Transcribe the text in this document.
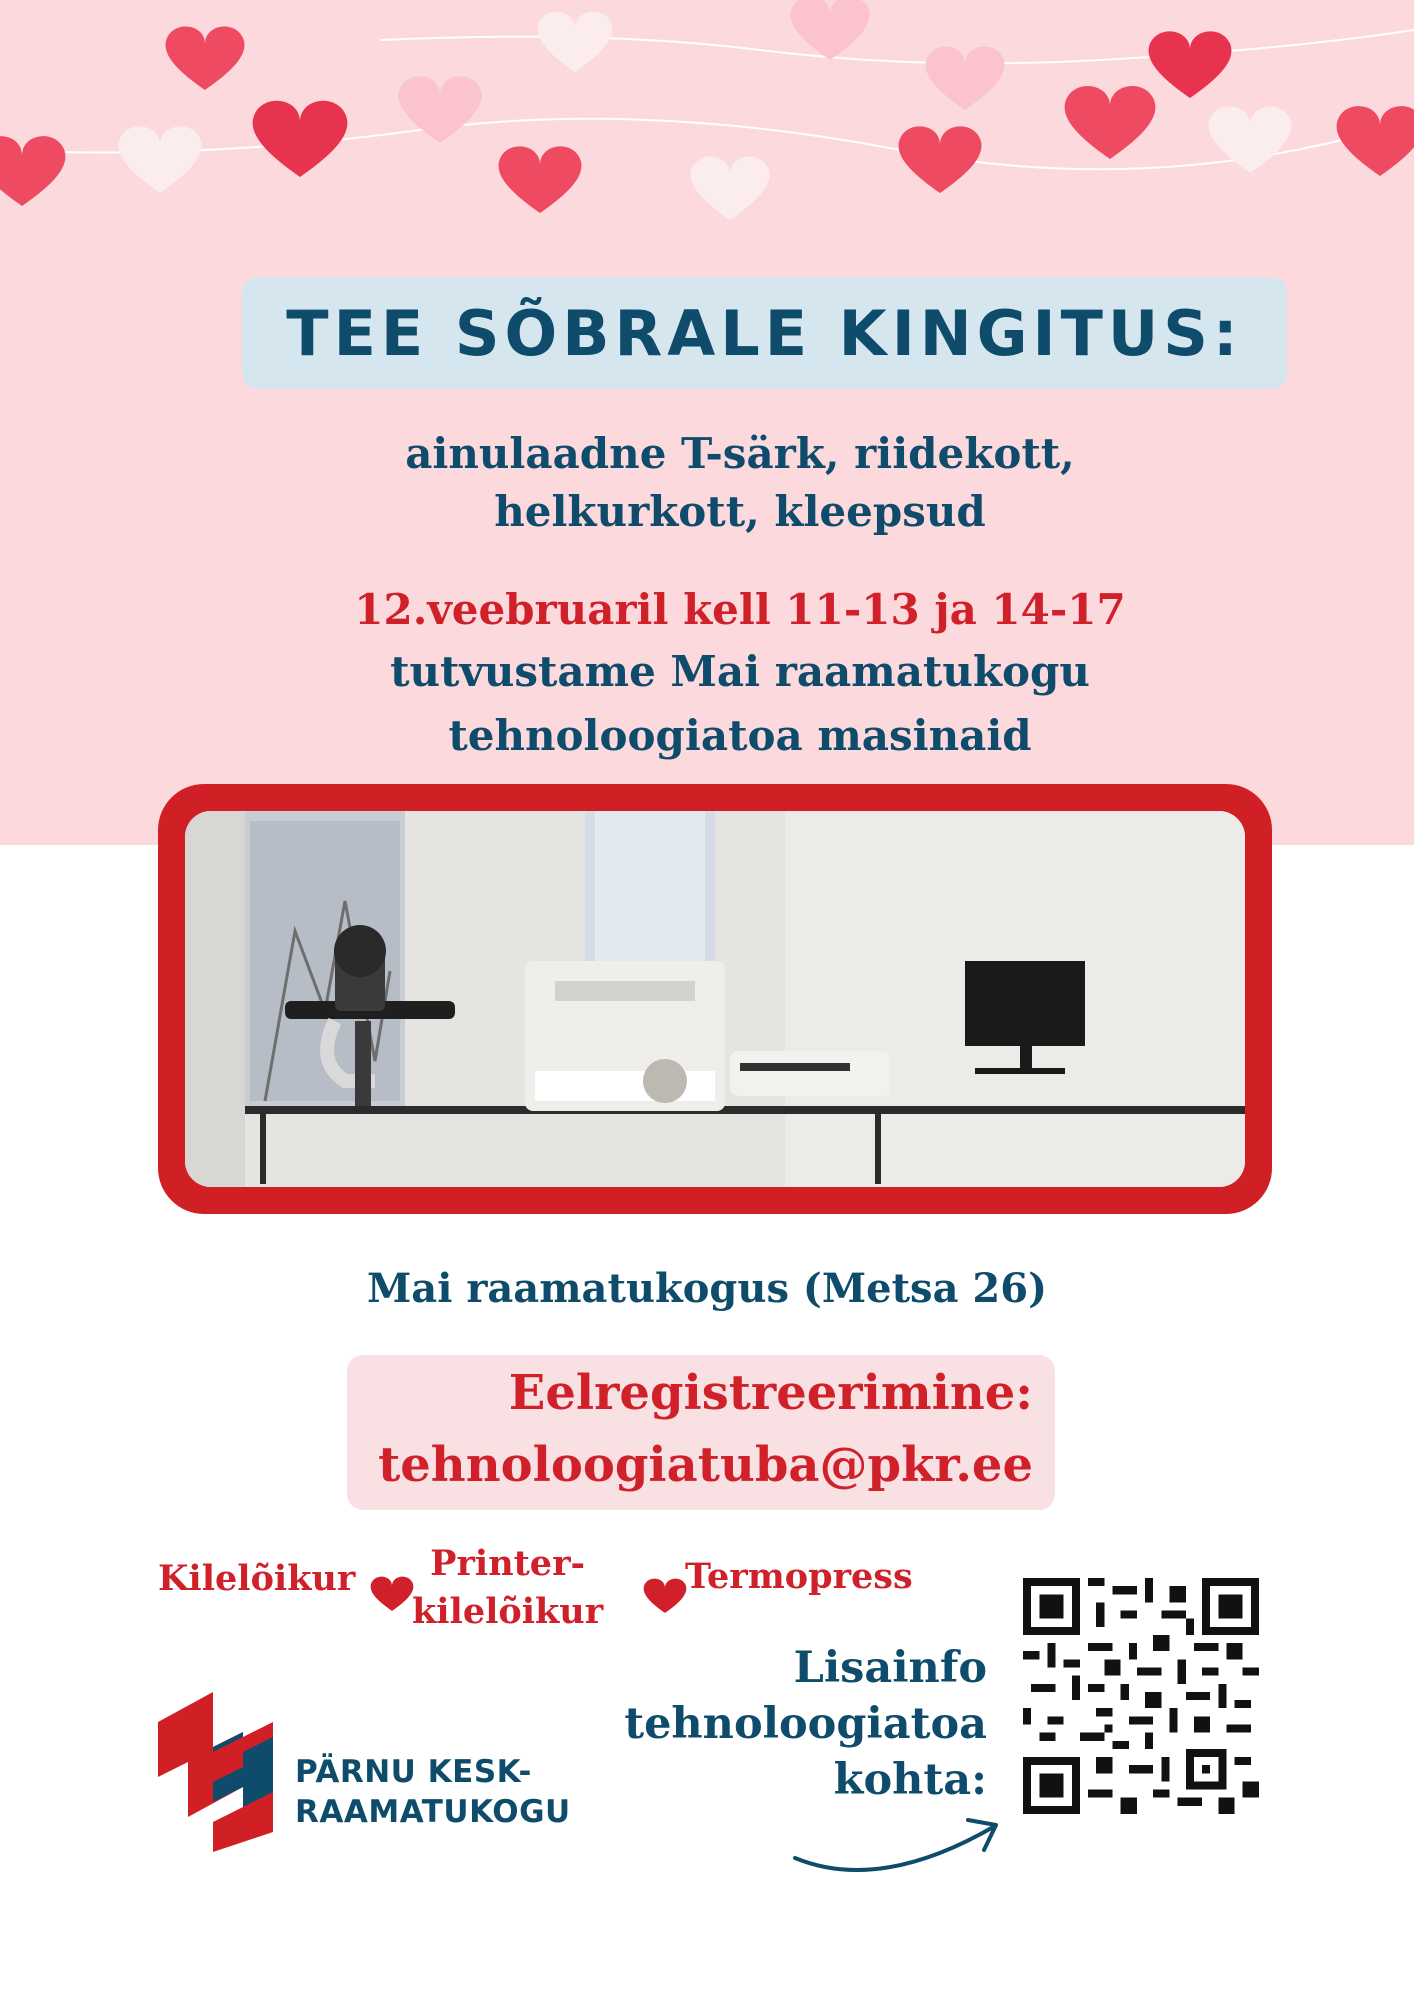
TEE SÕBRALE KINGITUS:
ainulaadne T-särk, riidekott,
helkurkott, kleepsud
12.veebruaril kell 11-13 ja 14-17
tutvustame Mai raamatukogu
tehnoloogiatoa masinaid
Mai raamatukogus (Metsa 26)
Eelregistreerimine:
tehnoloogiatuba@pkr.ee
Kilelõikur	Printer-
kilelõikur
Termopress
PÄRNU KESK-
RAAMATUKOGU
Lisainfo
tehnoloogiatoa
kohta:
